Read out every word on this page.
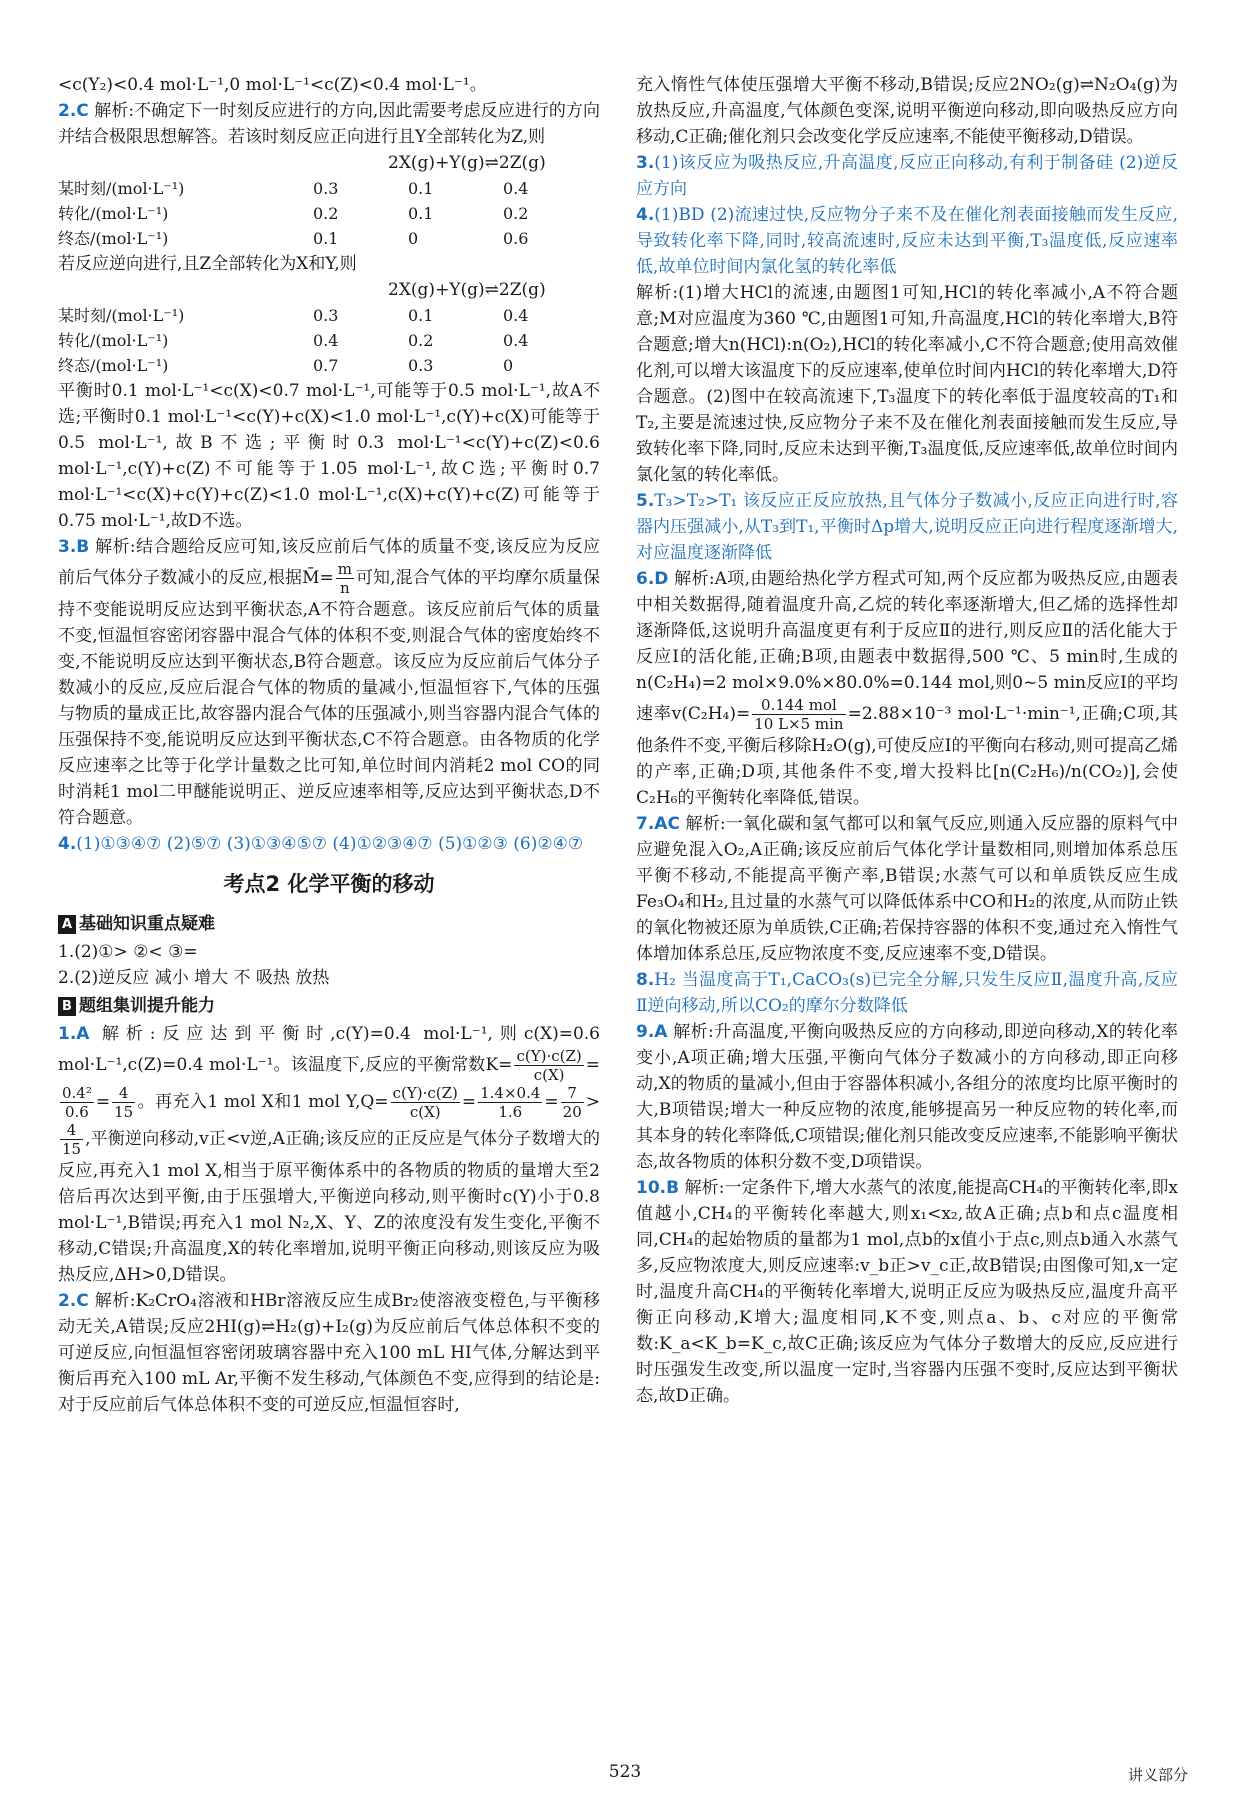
<c(Y₂)<0.4 mol·L⁻¹,0 mol·L⁻¹<c(Z)<0.4 mol·L⁻¹。

2.C 解析:不确定下一时刻反应进行的方向,因此需要考虑反应进行的方向并结合极限思想解答。若该时刻反应正向进行且Y全部转化为Z,则

2X(g)+Y(g)⇌2Z(g)
某时刻/(mol·L⁻¹)	0.3	0.1	0.4
转化/(mol·L⁻¹)	0.2	0.1	0.2
终态/(mol·L⁻¹)	0.1	0	0.6

若反应逆向进行,且Z全部转化为X和Y,则

2X(g)+Y(g)⇌2Z(g)
某时刻/(mol·L⁻¹)	0.3	0.1	0.4
转化/(mol·L⁻¹)	0.4	0.2	0.4
终态/(mol·L⁻¹)	0.7	0.3	0

平衡时0.1 mol·L⁻¹<c(X)<0.7 mol·L⁻¹,可能等于0.5 mol·L⁻¹,故A不选;平衡时0.1 mol·L⁻¹<c(Y)+c(X)<1.0 mol·L⁻¹,c(Y)+c(X)可能等于0.5 mol·L⁻¹,故B不选;平衡时0.3 mol·L⁻¹<c(Y)+c(Z)<0.6 mol·L⁻¹,c(Y)+c(Z)不可能等于1.05 mol·L⁻¹,故C选;平衡时0.7 mol·L⁻¹<c(X)+c(Y)+c(Z)<1.0 mol·L⁻¹,c(X)+c(Y)+c(Z)可能等于0.75 mol·L⁻¹,故D不选。

3.B 解析:结合题给反应可知,该反应前后气体的质量不变,该反应为反应前后气体分子数减小的反应,根据M̄= $\frac{m}{n}$ 可知,混合气体的平均摩尔质量保持不变能说明反应达到平衡状态,A不符合题意。该反应前后气体的质量不变,恒温恒容密闭容器中混合气体的体积不变,则混合气体的密度始终不变,不能说明反应达到平衡状态,B符合题意。该反应为反应前后气体分子数减小的反应,反应后混合气体的物质的量减小,恒温恒容下,气体的压强与物质的量成正比,故容器内混合气体的压强减小,则当容器内混合气体的压强保持不变,能说明反应达到平衡状态,C不符合题意。由各物质的化学反应速率之比等于化学计量数之比可知,单位时间内消耗2 mol CO的同时消耗1 mol二甲醚能说明正、逆反应速率相等,反应达到平衡状态,D不符合题意。

4.(1)①③④⑦ (2)⑤⑦ (3)①③④⑤⑦ (4)①②③④⑦ (5)①②③ (6)②④⑦

考点2 化学平衡的移动
A 基础知识重点疑难

1.(2)①> ②< ③=

2.(2)逆反应 减小 增大 不 吸热 放热

B 题组集训提升能力

1.A 解析:反应达到平衡时,c(Y)=0.4 mol·L⁻¹,则c(X)=0.6 mol·L⁻¹,c(Z)=0.4 mol·L⁻¹。该温度下,反应的平衡常数$K= \frac{c(Y)\cdot c(Z)}{c(X)}$ =
$\frac{\text{0.4²}}{0.6} = \frac{4}{15}$ 。再充入1 mol X和1 mol $Y,Q= \frac{c(Y)\cdot c(Z)}{c(X)} = \frac{1.4\times 0.4}{1.6} = \frac{7}{20}$ >
$\frac{4}{15}$ ,平衡逆向移动,v正<v逆,A正确;该反应的正反应是气体分子数增大的反应,再充入1 mol X,相当于原平衡体系中的各物质的物质的量增大至2倍后再次达到平衡,由于压强增大,平衡逆向移动,则平衡时c(Y)小于0.8 mol·L⁻¹,B错误;再充入1 mol N₂,X、Y、Z的浓度没有发生变化,平衡不移动,C错误;升高温度,X的转化率增加,说明平衡正向移动,则该反应为吸热反应,ΔH>0,D错误。

2.C 解析:K₂CrO₄溶液和HBr溶液反应生成Br₂使溶液变橙色,与平衡移动无关,A错误;反应2HI(g)⇌H₂(g)+I₂(g)为反应前后气体总体积不变的可逆反应,向恒温恒容密闭玻璃容器中充入100 mL HI气体,分解达到平衡后再充入100 mL Ar,平衡不发生移动,气体颜色不变,应得到的结论是:对于反应前后气体总体积不变的可逆反应,恒温恒容时,

充入惰性气体使压强增大平衡不移动,B错误;反应2NO₂(g)⇌N₂O₄(g)为放热反应,升高温度,气体颜色变深,说明平衡逆向移动,即向吸热反应方向移动,C正确;催化剂只会改变化学反应速率,不能使平衡移动,D错误。

3.(1)该反应为吸热反应,升高温度,反应正向移动,有利于制备硅 (2)逆反应方向

4.(1)BD (2)流速过快,反应物分子来不及在催化剂表面接触而发生反应,导致转化率下降,同时,较高流速时,反应未达到平衡,T₃温度低,反应速率低,故单位时间内氯化氢的转化率低

解析:(1)增大HCl的流速,由题图1可知,HCl的转化率减小,A不符合题意;M对应温度为360 ℃,由题图1可知,升高温度,HCl的转化率增大,B符合题意;增大n(HCl):n(O₂),HCl的转化率减小,C不符合题意;使用高效催化剂,可以增大该温度下的反应速率,使单位时间内HCl的转化率增大,D符合题意。(2)图中在较高流速下,T₃温度下的转化率低于温度较高的T₁和T₂,主要是流速过快,反应物分子来不及在催化剂表面接触而发生反应,导致转化率下降,同时,反应未达到平衡,T₃温度低,反应速率低,故单位时间内氯化氢的转化率低。

5.T₃>T₂>T₁ 该反应正反应放热,且气体分子数减小,反应正向进行时,容器内压强减小,从T₃到T₁,平衡时Δp增大,说明反应正向进行程度逐渐增大,对应温度逐渐降低

6.D 解析:A项,由题给热化学方程式可知,两个反应都为吸热反应,由题表中相关数据得,随着温度升高,乙烷的转化率逐渐增大,但乙烯的选择性却逐渐降低,这说明升高温度更有利于反应Ⅱ的进行,则反应Ⅱ的活化能大于反应Ⅰ的活化能,正确;B项,由题表中数据得,500 ℃、5 min时,生成的n(C₂H₄)=2 mol×9.0%×80.0%=0.144 mol,则0~5 min反应Ⅰ的平均速率$v(C_2H_4)= \frac{\text{0.144 mol}}{10 L\times 5 \min} =2.88\times 10^{-3}$ mol·L⁻¹·min⁻¹,正确;C项,其他条件不变,平衡后移除H₂O(g),可使反应Ⅰ的平衡向右移动,则可提高乙烯的产率,正确;D项,其他条件不变,增大投料比[n(C₂H₆)/n(CO₂)],会使C₂H₆的平衡转化率降低,错误。

7.AC 解析:一氧化碳和氢气都可以和氧气反应,则通入反应器的原料气中应避免混入O₂,A正确;该反应前后气体化学计量数相同,则增加体系总压平衡不移动,不能提高平衡产率,B错误;水蒸气可以和单质铁反应生成Fe₃O₄和H₂,且过量的水蒸气可以降低体系中CO和H₂的浓度,从而防止铁的氧化物被还原为单质铁,C正确;若保持容器的体积不变,通过充入惰性气体增加体系总压,反应物浓度不变,反应速率不变,D错误。

8.H₂ 当温度高于T₁,CaCO₃(s)已完全分解,只发生反应Ⅱ,温度升高,反应Ⅱ逆向移动,所以CO₂的摩尔分数降低

9.A 解析:升高温度,平衡向吸热反应的方向移动,即逆向移动,X的转化率变小,A项正确;增大压强,平衡向气体分子数减小的方向移动,即正向移动,X的物质的量减小,但由于容器体积减小,各组分的浓度均比原平衡时的大,B项错误;增大一种反应物的浓度,能够提高另一种反应物的转化率,而其本身的转化率降低,C项错误;催化剂只能改变反应速率,不能影响平衡状态,故各物质的体积分数不变,D项错误。

10.B 解析:一定条件下,增大水蒸气的浓度,能提高CH₄的平衡转化率,即x值越小,CH₄的平衡转化率越大,则x₁<x₂,故A正确;点b和点c温度相同,CH₄的起始物质的量都为1 mol,点b的x值小于点c,则点b通入水蒸气多,反应物浓度大,则反应速率:v_b正>v_c正,故B错误;由图像可知,x一定时,温度升高CH₄的平衡转化率增大,说明正反应为吸热反应,温度升高平衡正向移动,K增大;温度相同,K不变,则点a、b、c对应的平衡常数:K_a<K_b=K_c,故C正确;该反应为气体分子数增大的反应,反应进行时压强发生改变,所以温度一定时,当容器内压强不变时,反应达到平衡状态,故D正确。

523	讲义部分
